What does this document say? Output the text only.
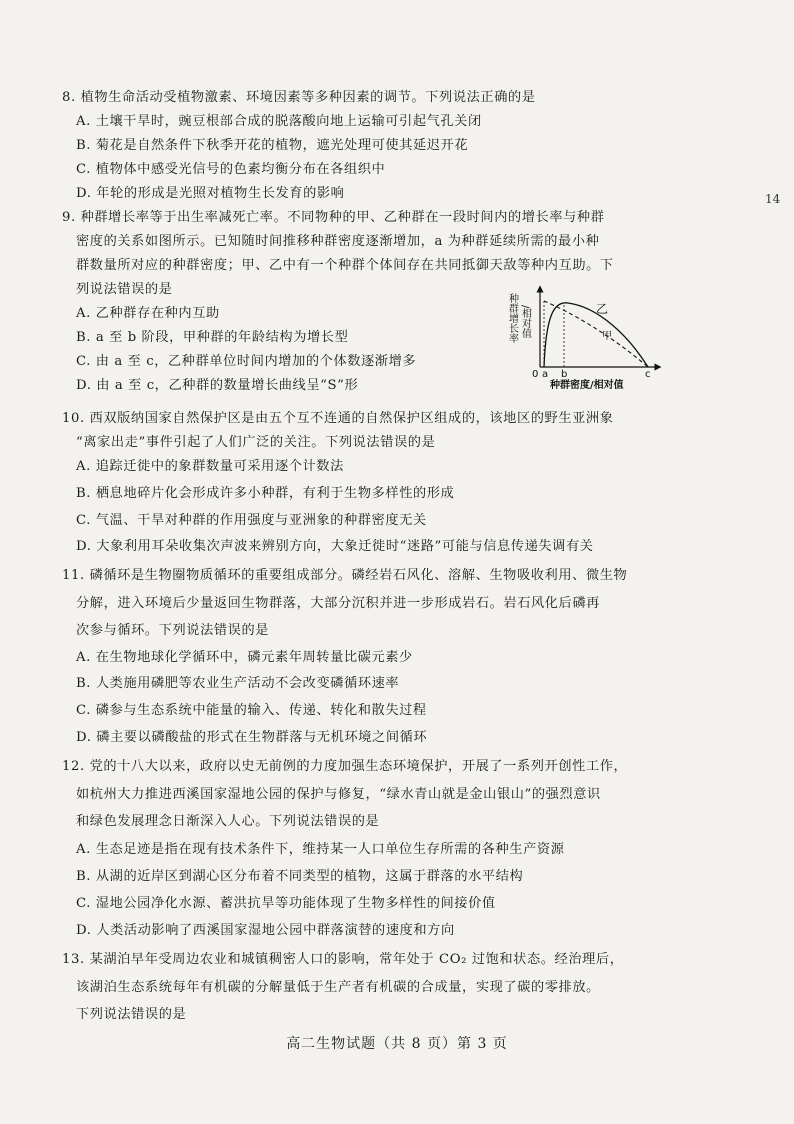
14
8. 植物生命活动受植物激素、环境因素等多种因素的调节。下列说法正确的是
A. 土壤干旱时，豌豆根部合成的脱落酸向地上运输可引起气孔关闭
B. 菊花是自然条件下秋季开花的植物，遮光处理可使其延迟开花
C. 植物体中感受光信号的色素均衡分布在各组织中
D. 年轮的形成是光照对植物生长发育的影响
9. 种群增长率等于出生率减死亡率。不同物种的甲、乙种群在一段时间内的增长率与种群
密度的关系如图所示。已知随时间推移种群密度逐渐增加，a 为种群延续所需的最小种
群数量所对应的种群密度；甲、乙中有一个种群个体间存在共同抵御天敌等种内互助。下
列说法错误的是
A. 乙种群存在种内互助
B. a 至 b 阶段，甲种群的年龄结构为增长型
C. 由 a 至 c，乙种群单位时间内增加的个体数逐渐增多
D. 由 a 至 c，乙种群的数量增长曲线呈“S”形
种群增长率 /相对值	乙
甲
0 a b	c
种群密度/相对值
10. 西双版纳国家自然保护区是由五个互不连通的自然保护区组成的，该地区的野生亚洲象
“离家出走”事件引起了人们广泛的关注。下列说法错误的是
A. 追踪迁徙中的象群数量可采用逐个计数法
B. 栖息地碎片化会形成许多小种群，有利于生物多样性的形成
C. 气温、干旱对种群的作用强度与亚洲象的种群密度无关
D. 大象利用耳朵收集次声波来辨别方向，大象迁徙时“迷路”可能与信息传递失调有关
11. 磷循环是生物圈物质循环的重要组成部分。磷经岩石风化、溶解、生物吸收利用、微生物
分解，进入环境后少量返回生物群落，大部分沉积并进一步形成岩石。岩石风化后磷再
次参与循环。下列说法错误的是
A. 在生物地球化学循环中，磷元素年周转量比碳元素少
B. 人类施用磷肥等农业生产活动不会改变磷循环速率
C. 磷参与生态系统中能量的输入、传递、转化和散失过程
D. 磷主要以磷酸盐的形式在生物群落与无机环境之间循环
12. 党的十八大以来，政府以史无前例的力度加强生态环境保护，开展了一系列开创性工作，
如杭州大力推进西溪国家湿地公园的保护与修复，“绿水青山就是金山银山”的强烈意识
和绿色发展理念日渐深入人心。下列说法错误的是
A. 生态足迹是指在现有技术条件下，维持某一人口单位生存所需的各种生产资源
B. 从湖的近岸区到湖心区分布着不同类型的植物，这属于群落的水平结构
C. 湿地公园净化水源、蓄洪抗旱等功能体现了生物多样性的间接价值
D. 人类活动影响了西溪国家湿地公园中群落演替的速度和方向
13. 某湖泊早年受周边农业和城镇稠密人口的影响，常年处于 CO₂ 过饱和状态。经治理后，
该湖泊生态系统每年有机碳的分解量低于生产者有机碳的合成量，实现了碳的零排放。
下列说法错误的是
高二生物试题（共 8 页）第 3 页
